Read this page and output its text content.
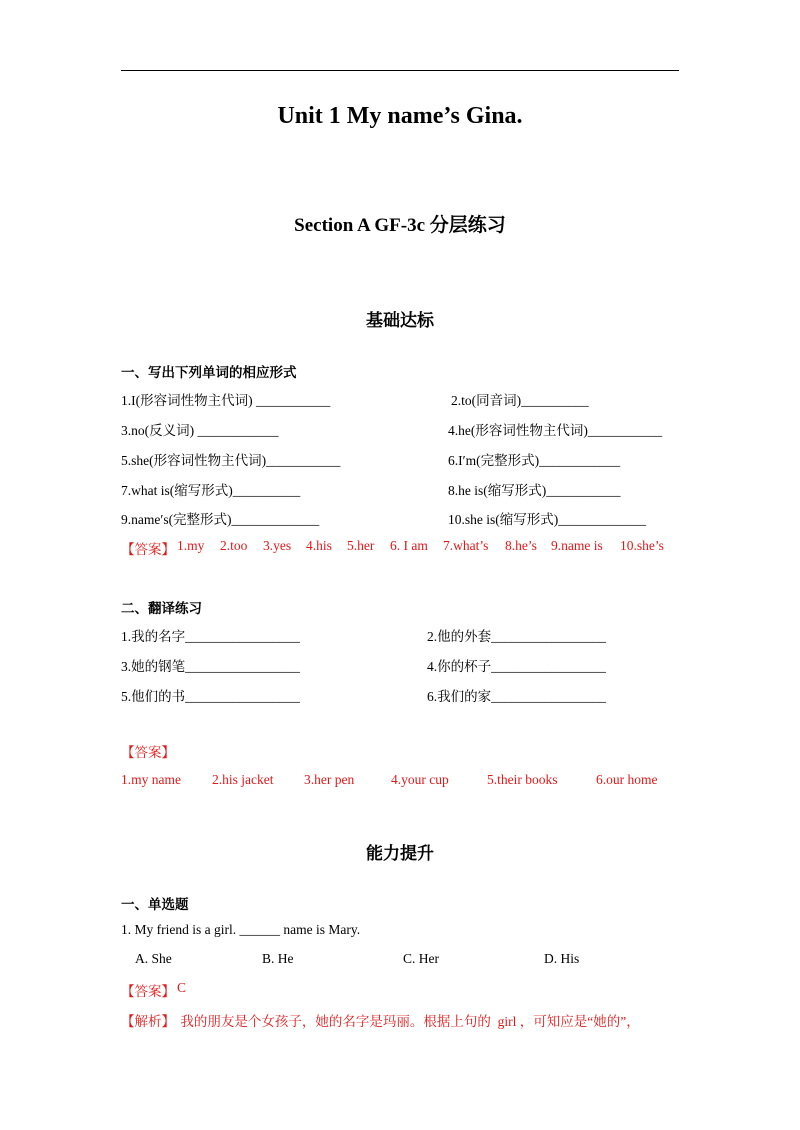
Unit 1 My name’s Gina.
Section A GF-3c 分层练习
基础达标
一、写出下列单词的相应形式
1.I(形容词性物主代词) ___________	2.to(同音词)__________
3.no(反义词) ____________	4.he(形容词性物主代词)___________
5.she(形容词性物主代词)___________	6.I′m(完整形式)____________
7.what is(缩写形式)__________	8.he is(缩写形式)___________
9.name′s(完整形式)_____________	10.she is(缩写形式)_____________
【答案】 1.my 2.too 3.yes 4.his 5.her 6. I am 7.what’s 8.he’s 9.name is 10.she’s
二、翻译练习
1.我的名字_________________	2.他的外套_________________
3.她的钢笔_________________	4.你的杯子_________________
5.他们的书_________________	6.我们的家_________________
【答案】
1.my name 2.his jacket 3.her pen	4.your cup	5.their books	6.our home
能力提升
一、单选题
1. My friend is a girl. ______ name is Mary.
A. She	B. He	C. Her	D. His
【答案】 C
【解析】 我的朋友是个女孩子，她的名字是玛丽。根据上句的  girl ，可知应是“她的”，
